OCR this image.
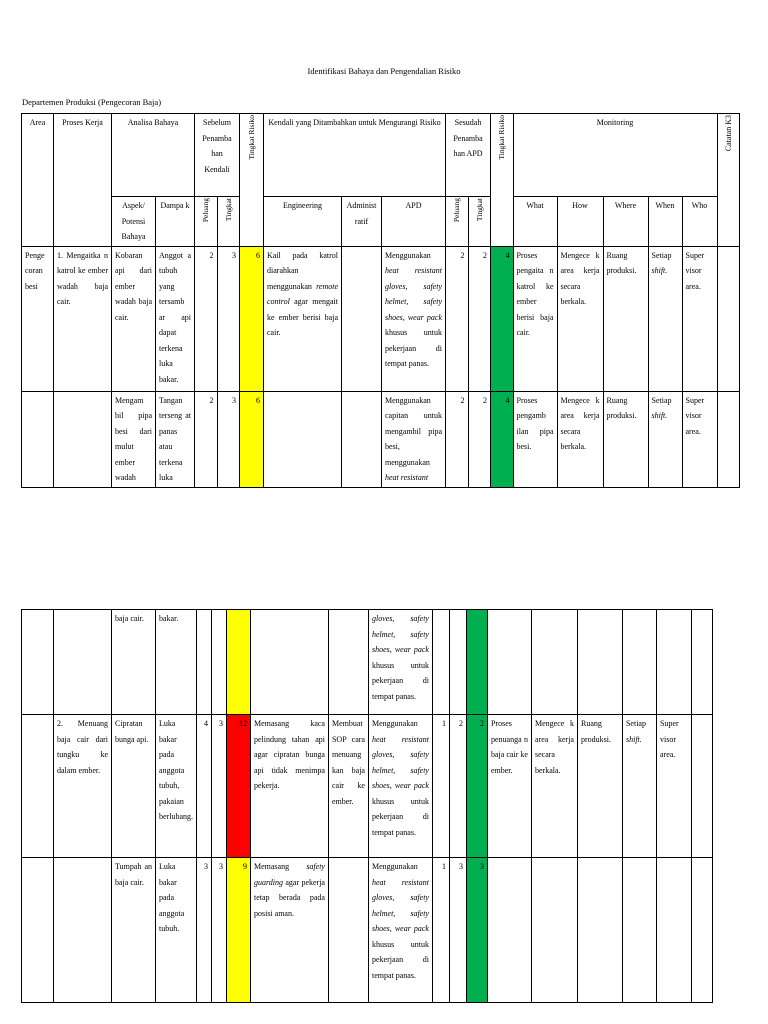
Identifikasi Bahaya dan Pengendalian Risiko
Departemen Produksi (Pengecoran Baja)
Area	Proses Kerja	Analisa Bahaya		Sebelum Penamba han Kendali		Tingkat Risiko	Kendali yang Ditambahkan untuk Mengurangi Risiko			Sesudah Penamba han APD		Tingkat Risiko	Monitoring					Catatan K3
		Aspek/ Potensi Bahaya	Dampa k	Peluang	Tingkat		Engineering	Administ ratif	APD	Peluang	Tingkat		What	How	Where	When	Who	
Penge coran besi	1. Mengaitka n katrol ke ember wadah baja cair.	Kobaran api dari ember wadah baja cair.	Anggot a tubuh yang tersamb ar api dapat terkena luka bakar.	2	3	6	Kail pada katrol diarahkan menggunakan remote control agar mengait ke ember berisi baja cair.		Menggunakan heat resistant gloves, safety helmet, safety shoes, wear pack khusus untuk pekerjaan di tempat panas.	2	2	4	Proses pengaita n katrol ke ember berisi baja cair.	Mengece k area kerja secara berkala.	Ruang produksi.	Setiap shift.	Super visor area.	
		Mengam bil pipa besi dari mulut ember wadah	Tangan terseng at panas atau terkena luka	2	3	6			Menggunakan capitan untuk mengambil pipa besi, menggunakan heat resistant	2	2	4	Proses pengamb ilan pipa besi.	Mengece k area kerja secara berkala.	Ruang produksi.	Setiap shift.	Super visor area.	
		baja cair.	bakar.						gloves, safety helmet, safety shoes, wear pack khusus untuk pekerjaan di tempat panas.									
	2. Menuang baja cair dari tungku ke dalam ember.	Cipratan bunga api.	Luka bakar pada anggota tubuh, pakaian berlubang.	4	3	12	Memasang kaca pelindung tahan api agar cipratan bunga api tidak menimpa pekerja.	Membuat SOP cara menuang kan baja cair ke ember.	Menggunakan heat resistant gloves, safety helmet, safety shoes, wear pack khusus untuk pekerjaan di tempat panas.	1	2	2	Proses penuanga n baja cair ke ember.	Mengece k area kerja secara berkala.	Ruang produksi.	Setiap shift.	Super visor area.	
		Tumpah an baja cair.	Luka bakar pada anggota tubuh.	3	3	9	Memasang safety guarding agar pekerja tetap berada pada posisi aman.		Menggunakan heat resistant gloves, safety helmet, safety shoes, wear pack khusus untuk pekerjaan di tempat panas.	1	3	3						
